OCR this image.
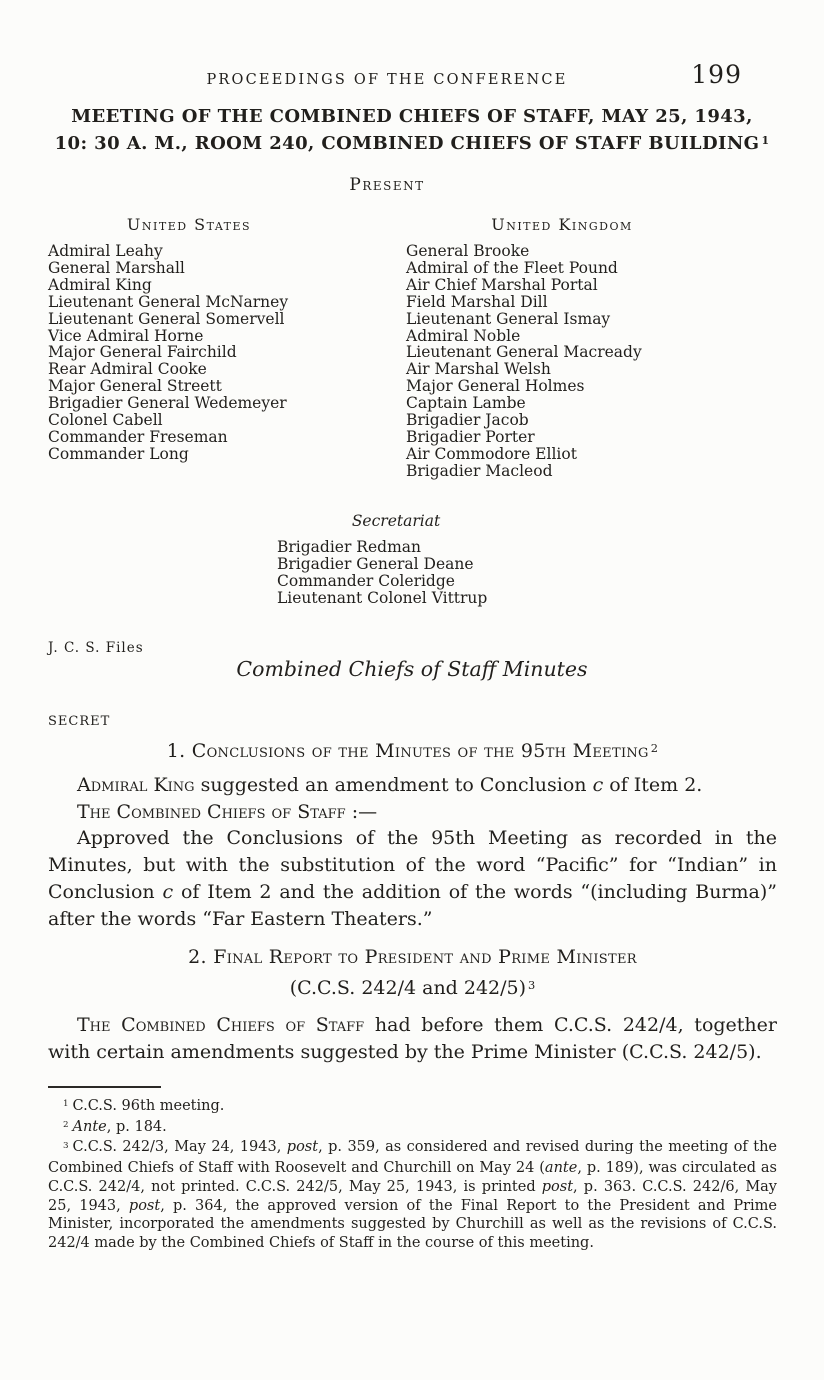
PROCEEDINGS OF THE CONFERENCE	199
MEETING OF THE COMBINED CHIEFS OF STAFF, MAY 25, 1943,
10: 30 A. M., ROOM 240, COMBINED CHIEFS OF STAFF BUILDING $^1$
Present
United States
Admiral Leahy
General Marshall
Admiral King
Lieutenant General McNarney
Lieutenant General Somervell
Vice Admiral Horne
Major General Fairchild
Rear Admiral Cooke
Major General Streett
Brigadier General Wedemeyer
Colonel Cabell
Commander Freseman
Commander Long
United Kingdom
General Brooke
Admiral of the Fleet Pound
Air Chief Marshal Portal
Field Marshal Dill
Lieutenant General Ismay
Admiral Noble
Lieutenant General Macready
Air Marshal Welsh
Major General Holmes
Captain Lambe
Brigadier Jacob
Brigadier Porter
Air Commodore Elliot
Brigadier Macleod
Secretariat
Brigadier Redman
Brigadier General Deane
Commander Coleridge
Lieutenant Colonel Vittrup
J. C. S. Files
Combined Chiefs of Staff Minutes
SECRET
1. Conclusions of the Minutes of the 95th Meeting $^2$

Admiral King suggested an amendment to Conclusion c of Item 2.

The Combined Chiefs of Staff :—

Approved the Conclusions of the 95th Meeting as recorded in the Minutes, but with the substitution of the word “Pacific” for “Indian” in Conclusion c of Item 2 and the addition of the words “(including Burma)” after the words “Far Eastern Theaters.”

2. Final Report to President and Prime Minister
(C.C.S. 242/4 and 242/5) $^3$

The Combined Chiefs of Staff had before them C.C.S. 242/4, together with certain amendments suggested by the Prime Minister (C.C.S. 242/5).

$^1$ C.C.S. 96th meeting.

$^2$ Ante, p. 184.

$^3$ C.C.S. 242/3, May 24, 1943, post, p. 359, as considered and revised during the meeting of the Combined Chiefs of Staff with Roosevelt and Churchill on May 24 (ante, p. 189), was circulated as C.C.S. 242/4, not printed. C.C.S. 242/5, May 25, 1943, is printed post, p. 363. C.C.S. 242/6, May 25, 1943, post, p. 364, the approved version of the Final Report to the President and Prime Minister, incorporated the amendments suggested by Churchill as well as the revisions of C.C.S. 242/4 made by the Combined Chiefs of Staff in the course of this meeting.
